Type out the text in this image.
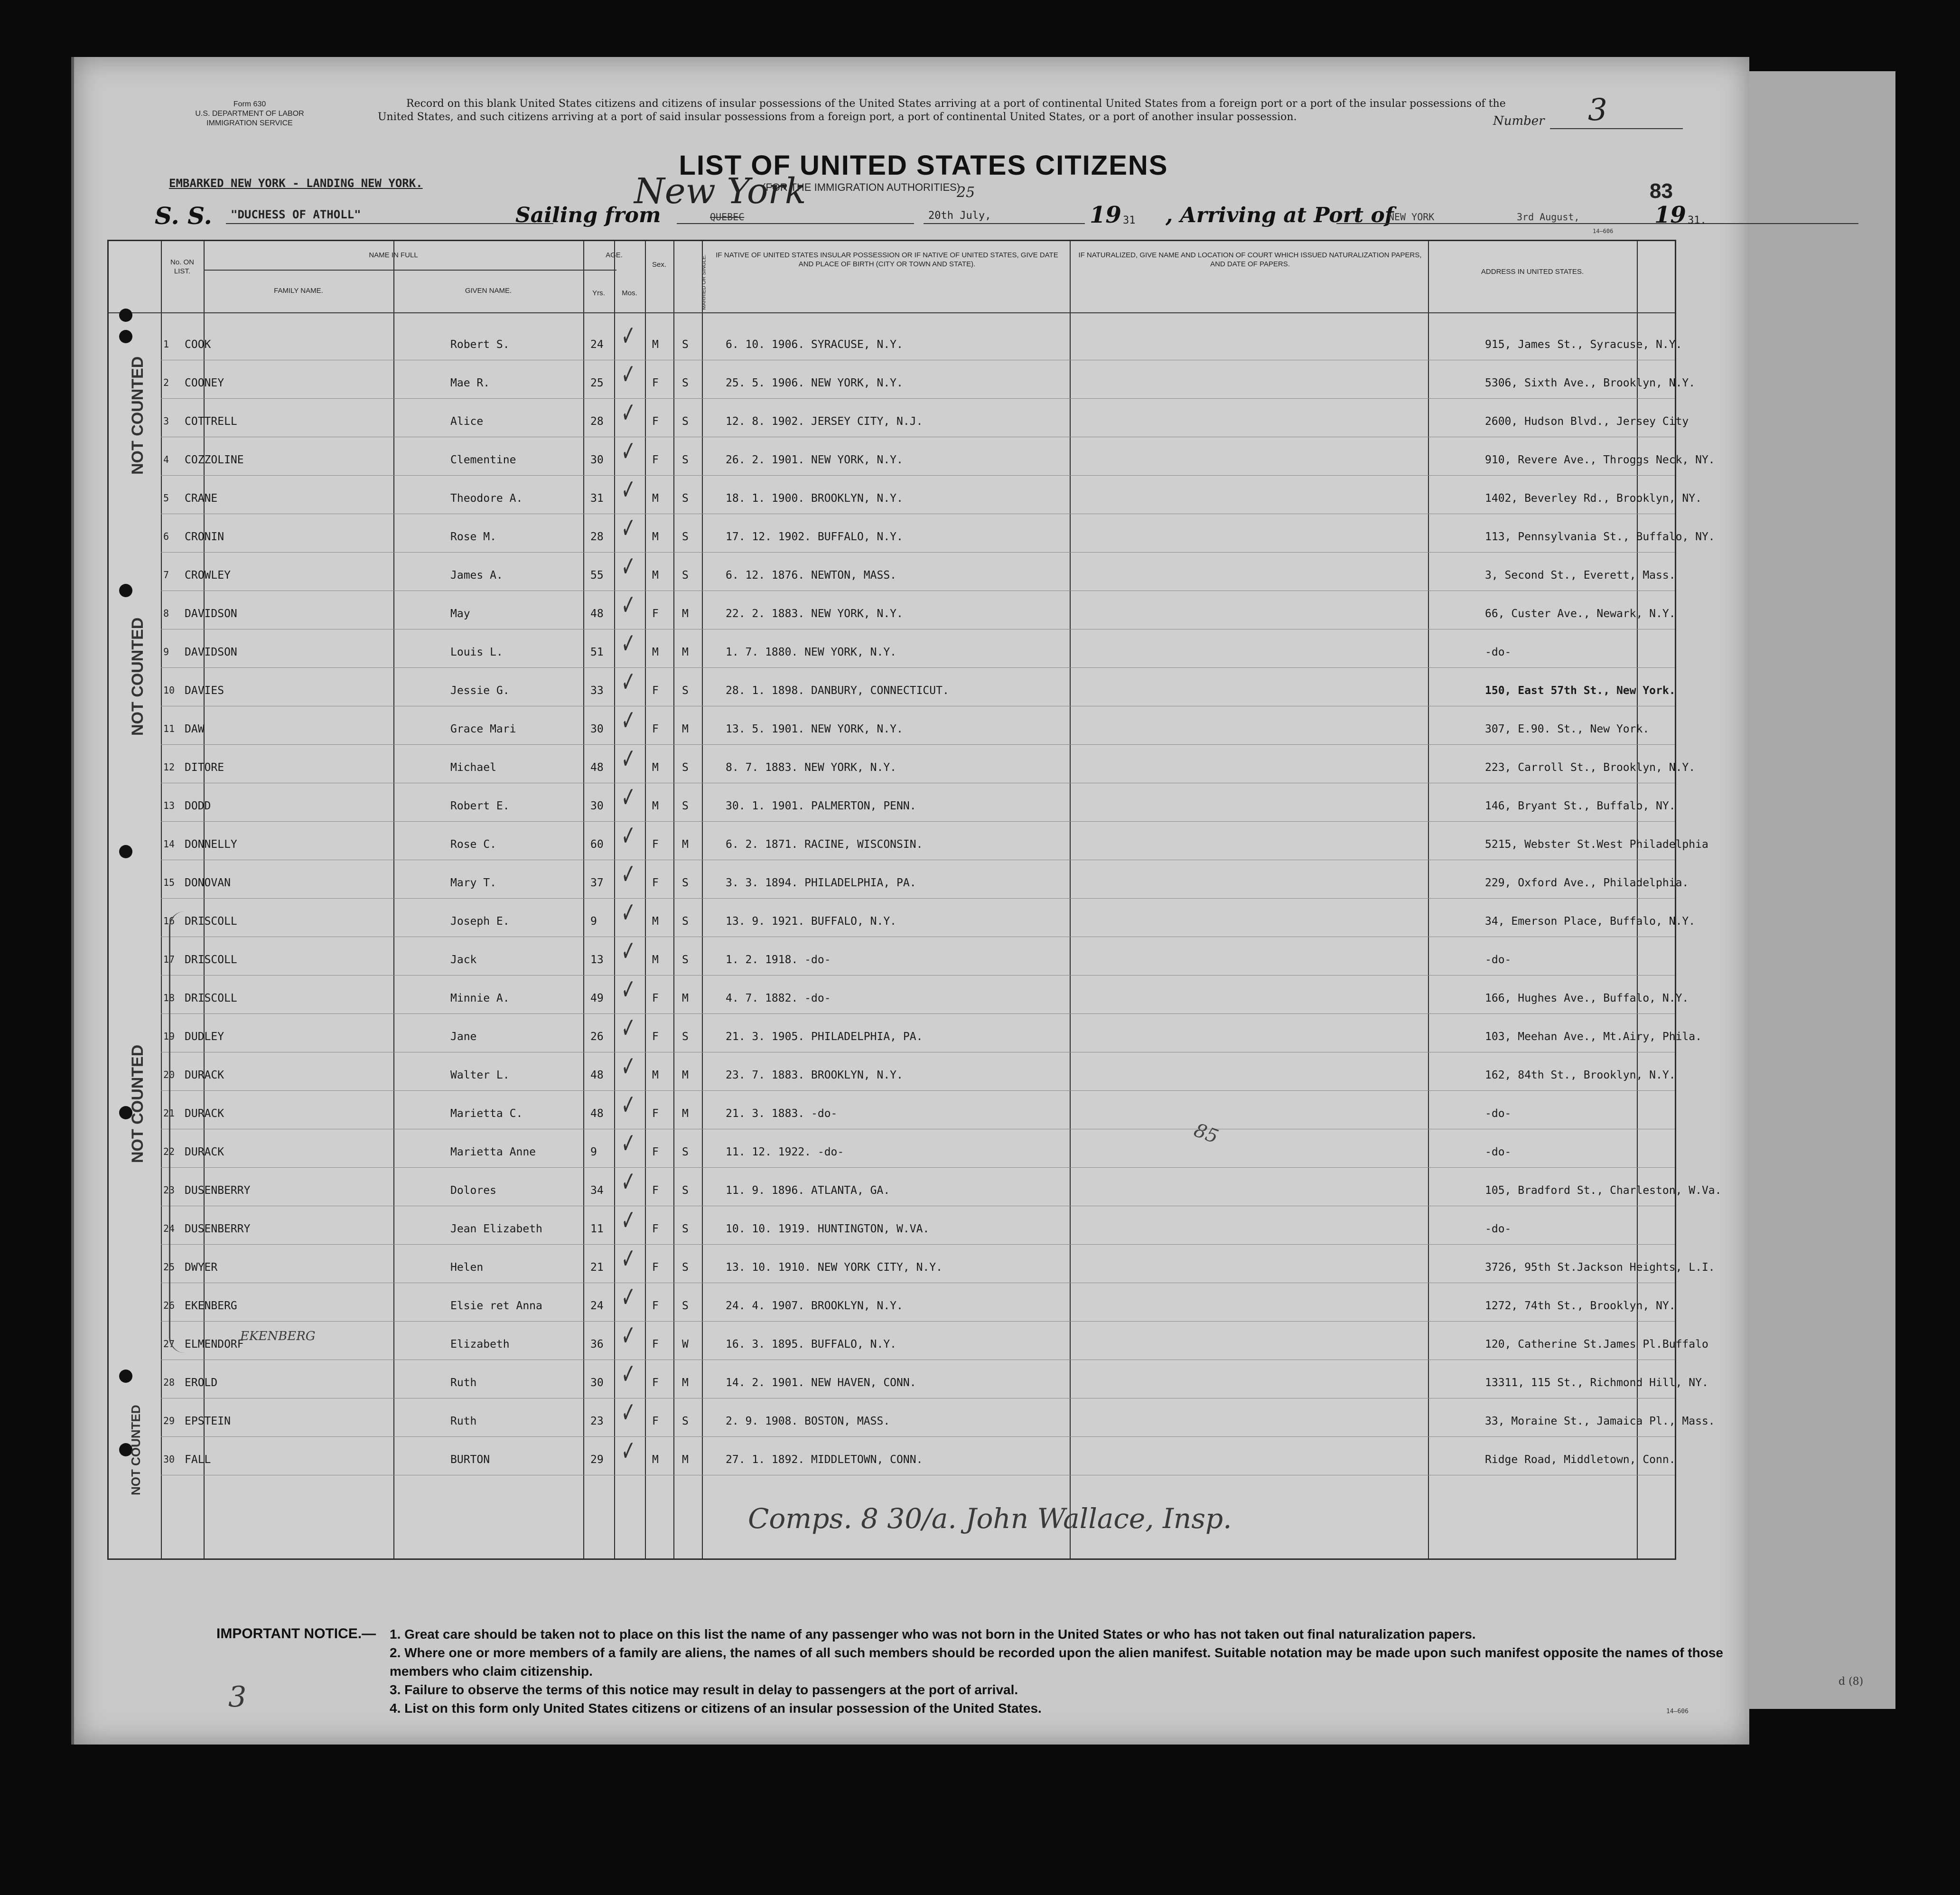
d (8)
Form 630
U.S. DEPARTMENT OF LABOR
IMMIGRATION SERVICE
Record on this blank United States citizens and citizens of insular possessions of the United States arriving at a port of continental United States from a foreign port or a port of the insular possessions of the United States, and such citizens arriving at a port of said insular possessions from a foreign port, a port of continental United States, or a port of another insular possession.	Number 3
83
LIST OF UNITED STATES CITIZENS
(FOR THE IMMIGRATION AUTHORITIES)
EMBARKED NEW YORK - LANDING NEW YORK.
S. S. "DUCHESS OF ATHOLL"	Sailing from
New York
QUEBEC
25
20th July,	19 31 , Arriving at Port of
NEW YORK	3rd August,	19 31.
14—606
No. ON LIST.
NAME IN FULL
FAMILY NAME.	GIVEN NAME.
AGE.
Yrs.	Mos.
Sex.	MARRIED OR SINGLE.	IF NATIVE OF UNITED STATES INSULAR POSSESSION OR IF NATIVE OF UNITED STATES, GIVE DATE AND PLACE OF BIRTH (CITY OR TOWN AND STATE).
IF NATURALIZED, GIVE NAME AND LOCATION OF COURT WHICH ISSUED NATURALIZATION PAPERS, AND DATE OF PAPERS.
ADDRESS IN UNITED STATES.
1 COOK	Robert S.	24	M S	6. 10. 1906. SYRACUSE, N.Y.	915, James St., Syracuse, N.Y.
✓
2 COONEY	Mae R.	25	F S	25. 5. 1906. NEW YORK, N.Y.	5306, Sixth Ave., Brooklyn, N.Y.
✓
3 COTTRELL	Alice	28	F S	12. 8. 1902. JERSEY CITY, N.J.	2600, Hudson Blvd., Jersey City
✓
4 COZZOLINE	Clementine	30	F S	26. 2. 1901. NEW YORK, N.Y.	910, Revere Ave., Throggs Neck, NY.
✓
5 CRANE	Theodore A.	31	M S	18. 1. 1900. BROOKLYN, N.Y.	1402, Beverley Rd., Brooklyn, NY.
✓
6 CRONIN	Rose M.	28	M S	17. 12. 1902. BUFFALO, N.Y.	113, Pennsylvania St., Buffalo, NY.
✓
7 CROWLEY	James A.	55	M S	6. 12. 1876. NEWTON, MASS.	3, Second St., Everett, Mass.
✓
8 DAVIDSON	May	48	F M	22. 2. 1883. NEW YORK, N.Y.	66, Custer Ave., Newark, N.Y.
✓
9 DAVIDSON	Louis L.	51	M M	1. 7. 1880. NEW YORK, N.Y.	-do-
✓
10 DAVIES	Jessie G.	33	F S	28. 1. 1898. DANBURY, CONNECTICUT.	150, East 57th St., New York.
✓
11 DAW	Grace Mari	30	F M	13. 5. 1901. NEW YORK, N.Y.	307, E.90. St., New York.
✓
12 DITORE	Michael	48	M S	8. 7. 1883. NEW YORK, N.Y.	223, Carroll St., Brooklyn, N.Y.
✓
13 DODD	Robert E.	30	M S	30. 1. 1901. PALMERTON, PENN.	146, Bryant St., Buffalo, NY.
✓
14 DONNELLY	Rose C.	60	F M	6. 2. 1871. RACINE, WISCONSIN.	5215, Webster St.West Philadelphia
✓
15 DONOVAN	Mary T.	37	F S	3. 3. 1894. PHILADELPHIA, PA.	229, Oxford Ave., Philadelphia.
✓
16 DRISCOLL	Joseph E.	9	M S	13. 9. 1921. BUFFALO, N.Y.	34, Emerson Place, Buffalo, N.Y.
✓
17 DRISCOLL	Jack	13	M S	1. 2. 1918. -do-	-do-
✓
18 DRISCOLL	Minnie A.	49	F M	4. 7. 1882. -do-	166, Hughes Ave., Buffalo, N.Y.
✓
19 DUDLEY	Jane	26	F S	21. 3. 1905. PHILADELPHIA, PA.	103, Meehan Ave., Mt.Airy, Phila.
✓
20 DURACK	Walter L.	48	M M	23. 7. 1883. BROOKLYN, N.Y.	162, 84th St., Brooklyn, N.Y.
✓
21 DURACK	Marietta C.	48	F M	21. 3. 1883. -do-	-do-
✓
22 DURACK	Marietta Anne	9	F S	11. 12. 1922. -do-	-do-
✓
23 DUSENBERRY	Dolores	34	F S	11. 9. 1896. ATLANTA, GA.	105, Bradford St., Charleston, W.Va.
✓
24 DUSENBERRY	Jean Elizabeth	11	F S	10. 10. 1919. HUNTINGTON, W.VA.	-do-
✓
25 DWYER	Helen	21	F S	13. 10. 1910. NEW YORK CITY, N.Y.	3726, 95th St.Jackson Heights, L.I.
✓
26 EKENBERG	Elsie ret Anna	24	F S	24. 4. 1907. BROOKLYN, N.Y.	1272, 74th St., Brooklyn, NY.
✓
27 ELMENDORF	Elizabeth	36	F W	16. 3. 1895. BUFFALO, N.Y.	120, Catherine St.James Pl.Buffalo
✓
28 EROLD	Ruth	30	F M	14. 2. 1901. NEW HAVEN, CONN.	13311, 115 St., Richmond Hill, NY.
✓
29 EPSTEIN	Ruth	23	F S	2. 9. 1908. BOSTON, MASS.	33, Moraine St., Jamaica Pl., Mass.
✓
30 FALL	BURTON	29	M M	27. 1. 1892. MIDDLETOWN, CONN.	Ridge Road, Middletown, Conn.
✓
NOT COUNTED
NOT COUNTED
NOT COUNTED
NOT COUNTED
EKENBERG
85
Comps. 8 30/a. John Wallace, Insp.
IMPORTANT NOTICE.— 1. Great care should be taken not to place on this list the name of any passenger who was not born in the United States or who has not taken out final naturalization papers.

2. Where one or more members of a family are aliens, the names of all such members should be recorded upon the alien manifest. Suitable notation may be made upon such manifest opposite the names of those members who claim citizenship.

3. Failure to observe the terms of this notice may result in delay to passengers at the port of arrival.

4. List on this form only United States citizens or citizens of an insular possession of the United States.	14—606
3
